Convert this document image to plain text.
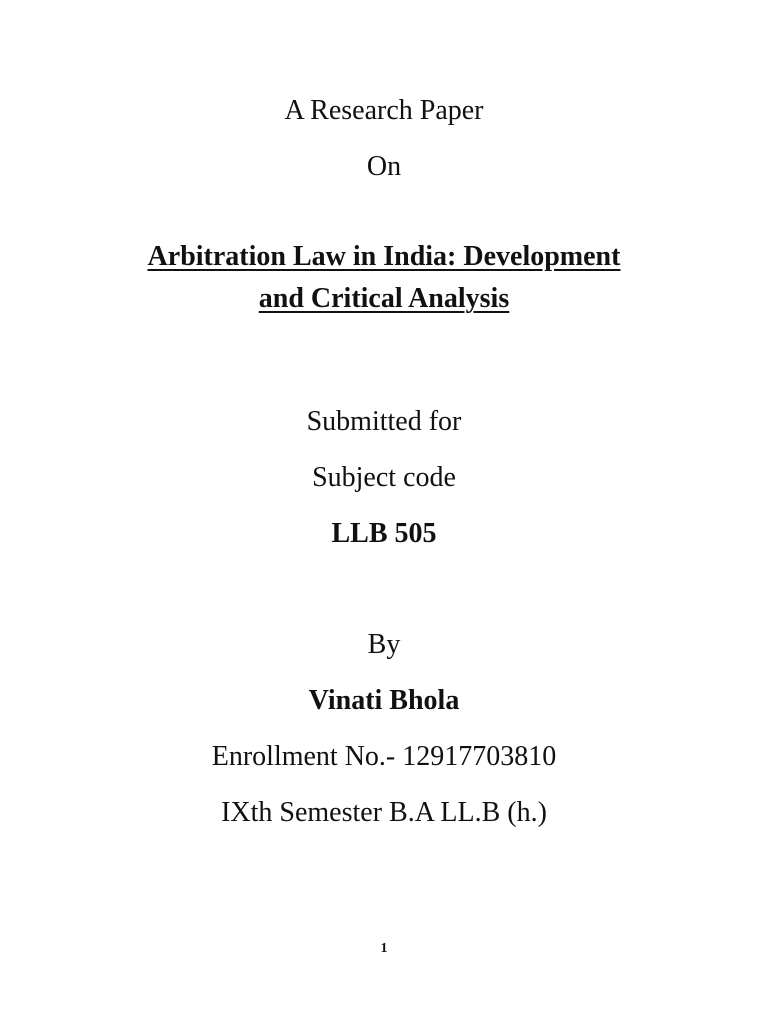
A Research Paper
On
Arbitration Law in India: Development
and Critical Analysis
Submitted for
Subject code
LLB 505
By
Vinati Bhola
Enrollment No.- 12917703810
IXth Semester B.A LL.B (h.)
1
